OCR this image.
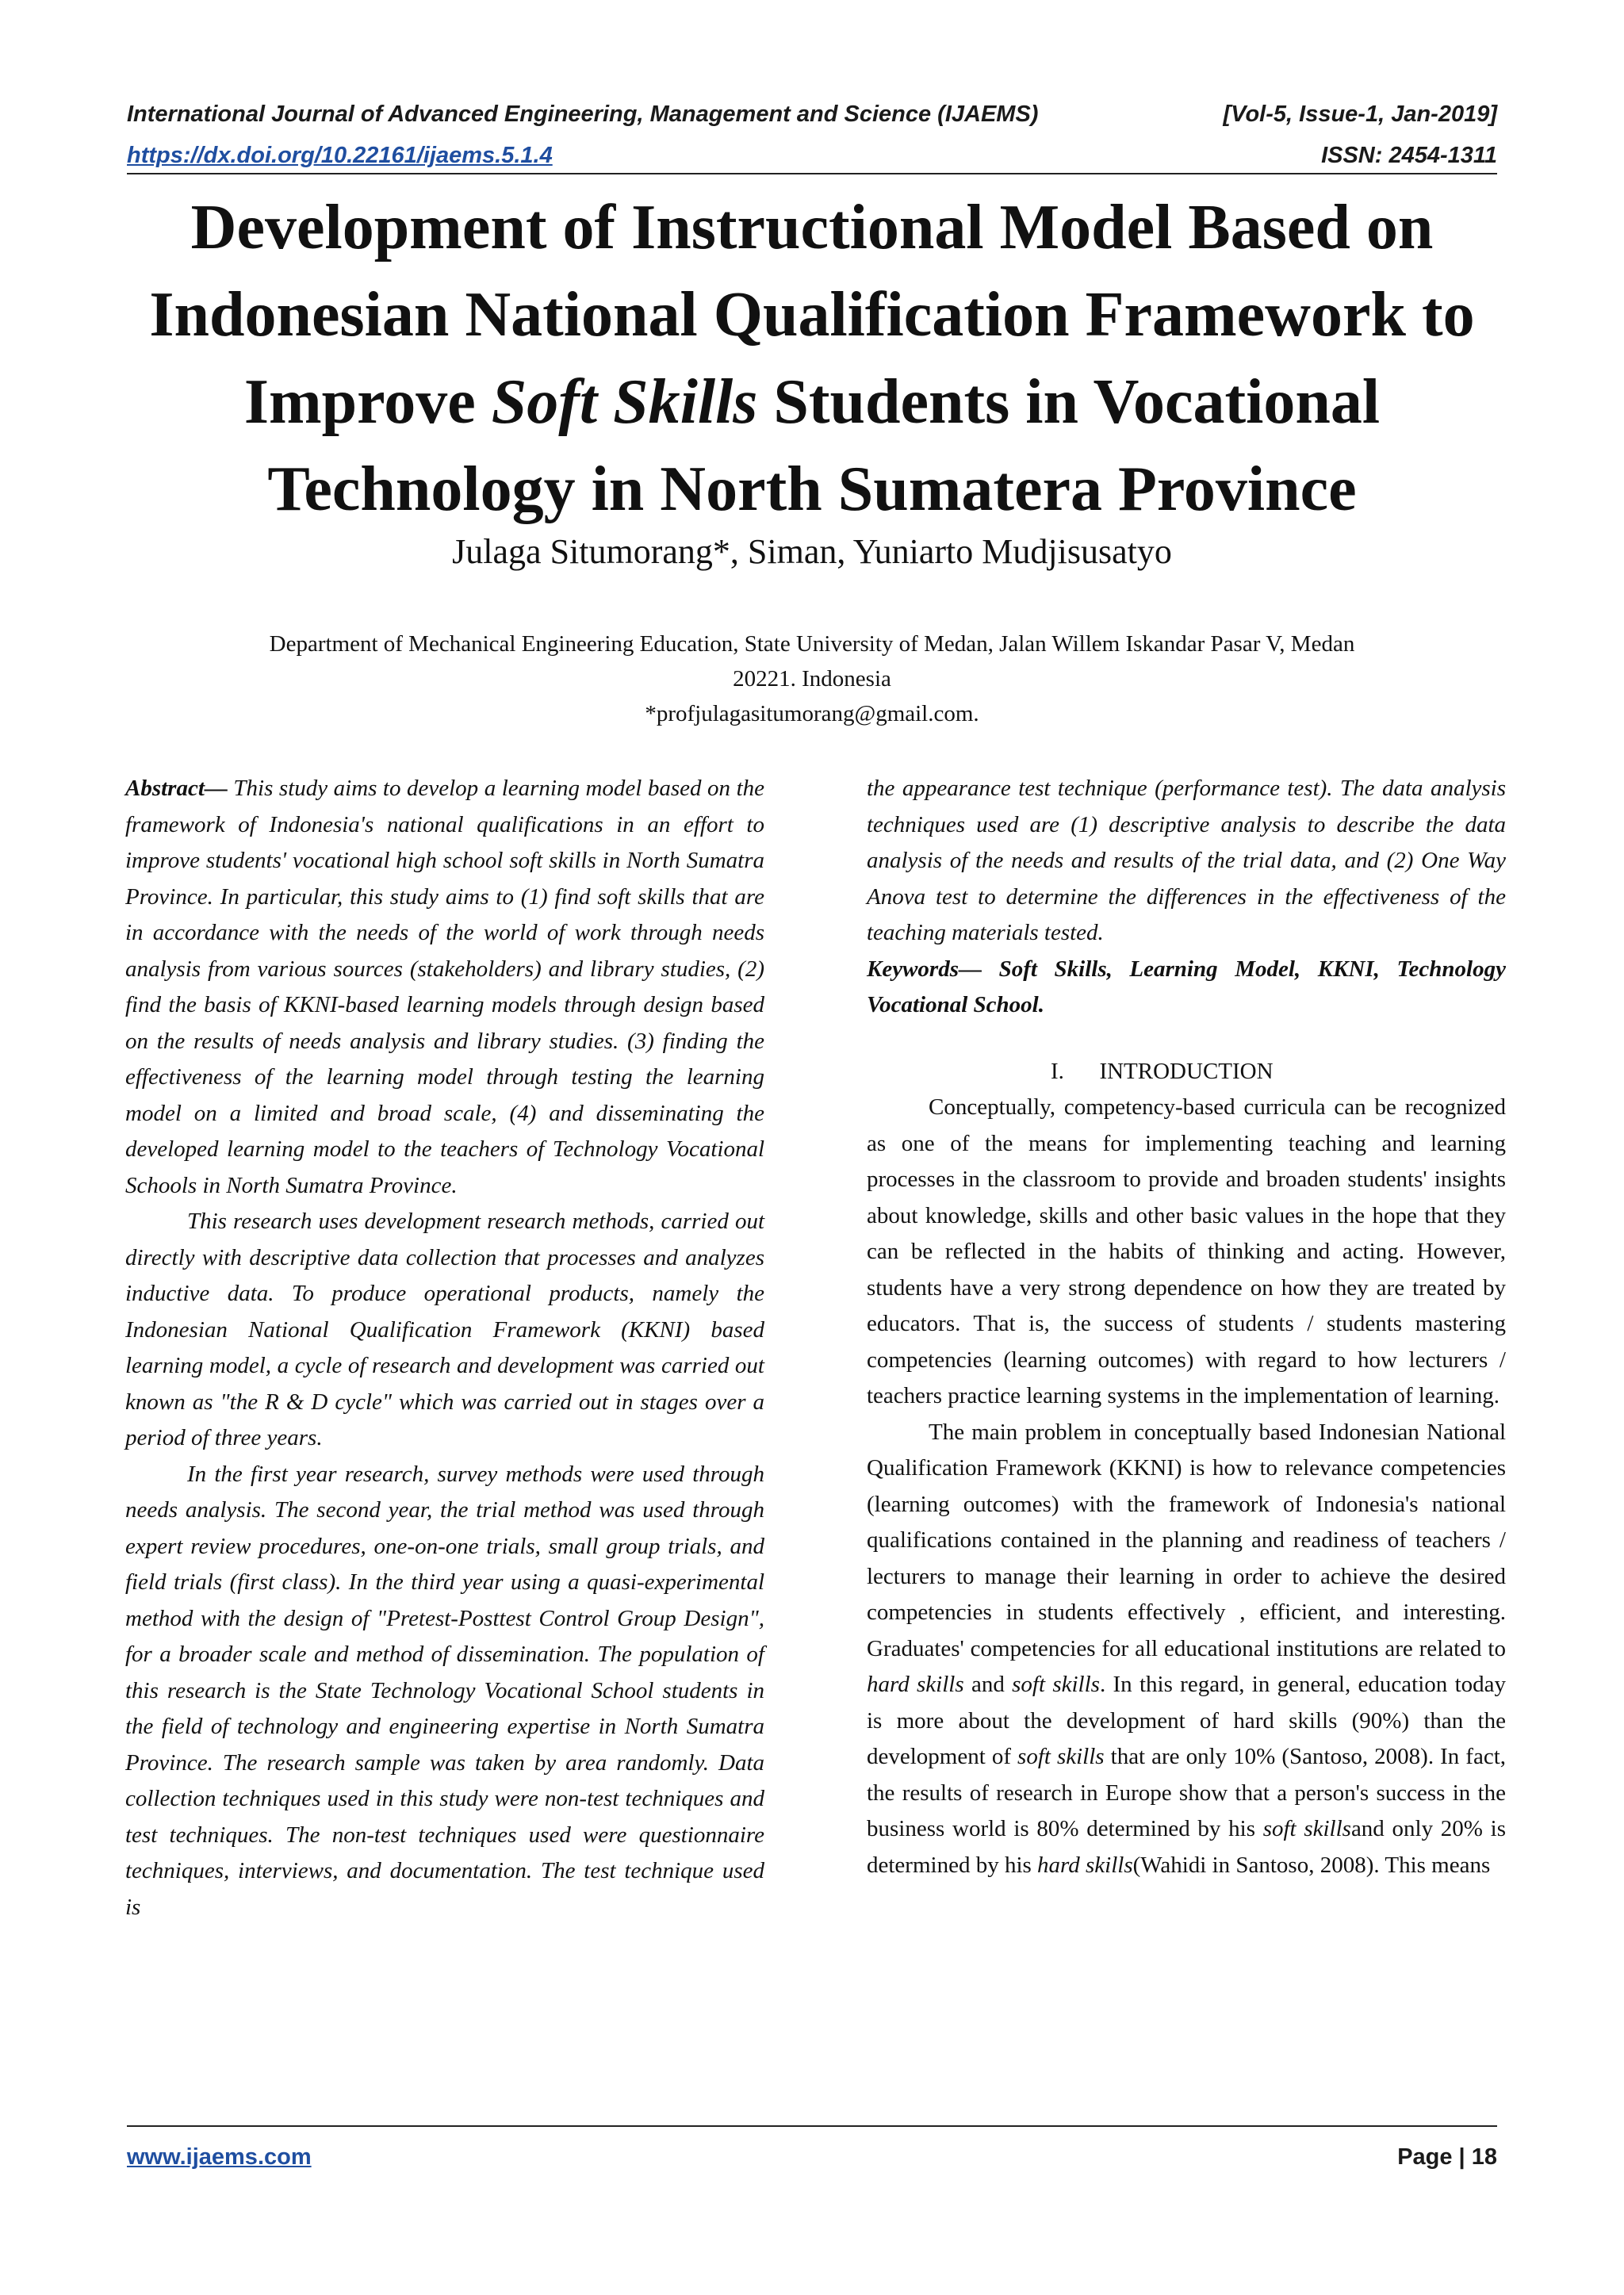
International Journal of Advanced Engineering, Management and Science (IJAEMS)	[Vol-5, Issue-1, Jan-2019]
https://dx.doi.org/10.22161/ijaems.5.1.4	ISSN: 2454-1311
Development of Instructional Model Based on Indonesian National Qualification Framework to Improve Soft Skills Students in Vocational Technology in North Sumatera Province
Julaga Situmorang*, Siman, Yuniarto Mudjisusatyo
Department of Mechanical Engineering Education, State University of Medan, Jalan Willem Iskandar Pasar V, Medan
20221. Indonesia
*profjulagasitumorang@gmail.com.

Abstract— This study aims to develop a learning model based on the framework of Indonesia's national qualifications in an effort to improve students' vocational high school soft skills in North Sumatra Province. In particular, this study aims to (1) find soft skills that are in accordance with the needs of the world of work through needs analysis from various sources (stakeholders) and library studies, (2) find the basis of KKNI-based learning models through design based on the results of needs analysis and library studies. (3) finding the effectiveness of the learning model through testing the learning model on a limited and broad scale, (4) and disseminating the developed learning model to the teachers of Technology Vocational Schools in North Sumatra Province.

This research uses development research methods, carried out directly with descriptive data collection that processes and analyzes inductive data. To produce operational products, namely the Indonesian National Qualification Framework (KKNI) based learning model, a cycle of research and development was carried out known as "the R & D cycle" which was carried out in stages over a period of three years.

In the first year research, survey methods were used through needs analysis. The second year, the trial method was used through expert review procedures, one-on-one trials, small group trials, and field trials (first class). In the third year using a quasi-experimental method with the design of "Pretest-Posttest Control Group Design", for a broader scale and method of dissemination. The population of this research is the State Technology Vocational School students in the field of technology and engineering expertise in North Sumatra Province. The research sample was taken by area randomly. Data collection techniques used in this study were non-test techniques and test techniques. The non-test techniques used were questionnaire techniques, interviews, and documentation. The test technique used is

the appearance test technique (performance test). The data analysis techniques used are (1) descriptive analysis to describe the data analysis of the needs and results of the trial data, and (2) One Way Anova test to determine the differences in the effectiveness of the teaching materials tested.

Keywords— Soft Skills, Learning Model, KKNI, Technology Vocational School.

I. INTRODUCTION

Conceptually, competency-based curricula can be recognized as one of the means for implementing teaching and learning processes in the classroom to provide and broaden students' insights about knowledge, skills and other basic values in the hope that they can be reflected in the habits of thinking and acting. However, students have a very strong dependence on how they are treated by educators. That is, the success of students / students mastering competencies (learning outcomes) with regard to how lecturers / teachers practice learning systems in the implementation of learning.

The main problem in conceptually based Indonesian National Qualification Framework (KKNI) is how to relevance competencies (learning outcomes) with the framework of Indonesia's national qualifications contained in the planning and readiness of teachers / lecturers to manage their learning in order to achieve the desired competencies in students effectively , efficient, and interesting. Graduates' competencies for all educational institutions are related to hard skills and soft skills. In this regard, in general, education today is more about the development of hard skills (90%) than the development of soft skills that are only 10% (Santoso, 2008). In fact, the results of research in Europe show that a person's success in the business world is 80% determined by his soft skillsand only 20% is determined by his hard skills(Wahidi in Santoso, 2008). This means

www.ijaems.com	Page | 18
